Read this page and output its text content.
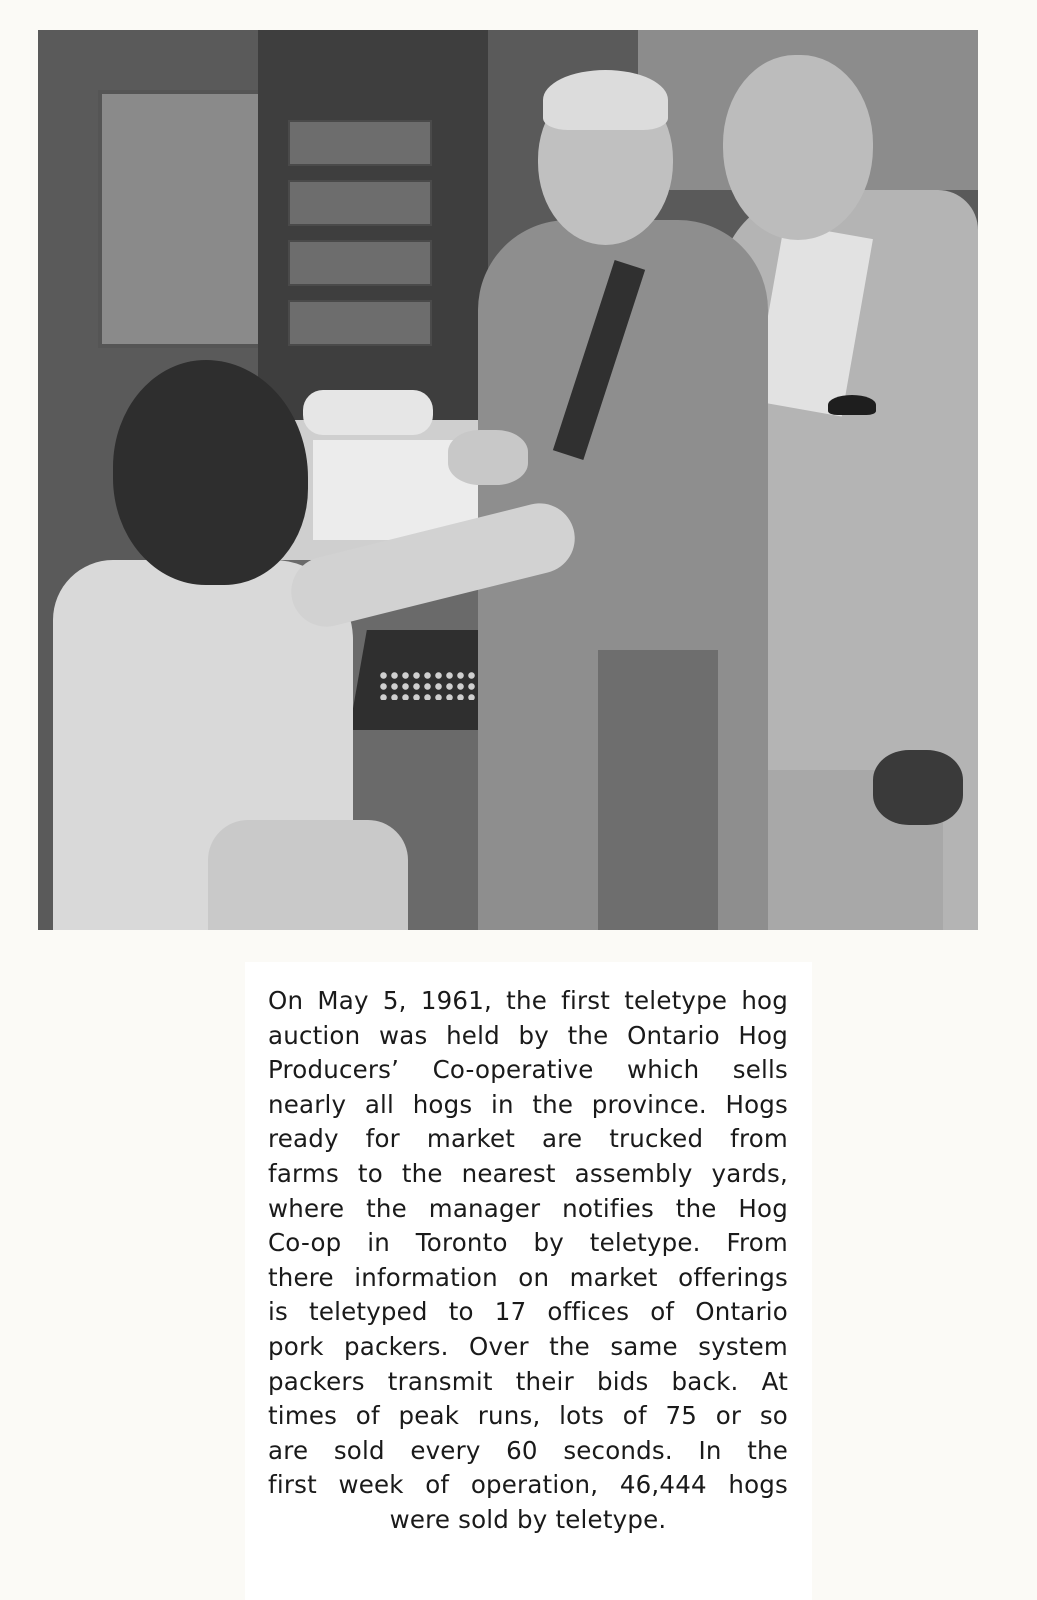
On May 5, 1961, the first teletype hog
auction was held by the Ontario Hog
Producers’ Co-operative which sells
nearly all hogs in the province. Hogs
ready for market are trucked from
farms to the nearest assembly yards,
where the manager notifies the Hog
Co-op in Toronto by teletype. From
there information on market offerings
is teletyped to 17 offices of Ontario
pork packers. Over the same system
packers transmit their bids back. At
times of peak runs, lots of 75 or so
are sold every 60 seconds. In the
first week of operation, 46,444 hogs
were sold by teletype.
